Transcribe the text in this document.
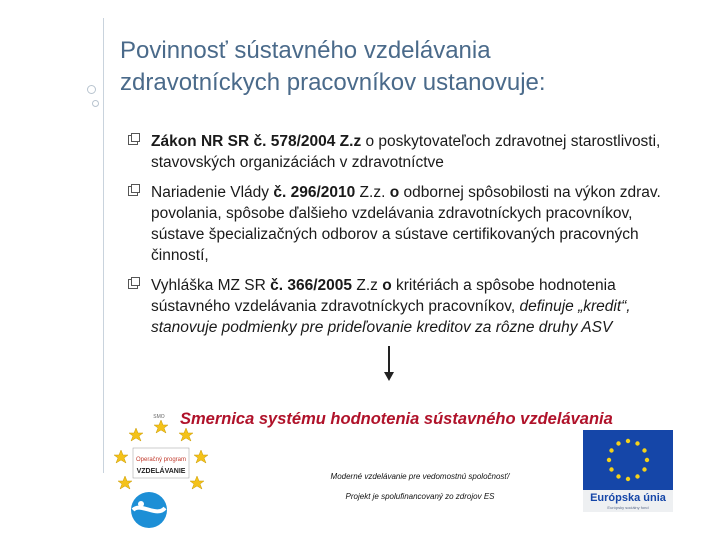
Povinnosť sústavného vzdelávania
zdravotníckych pracovníkov ustanovuje:
Zákon NR SR č. 578/2004 Z.z o poskytovateľoch zdravotnej starostlivosti, stavovských organizáciách v zdravotníctve
Nariadenie Vlády č. 296/2010 Z.z. o odbornej spôsobilosti na výkon zdrav. povolania, spôsobe ďalšieho vzdelávania zdravotníckych pracovníkov, sústave špecializačných odborov a sústave certifikovaných pracovných činností,
Vyhláška MZ SR č. 366/2005 Z.z o kritériách a spôsobe hodnotenia sústavného vzdelávania zdravotníckych pracovníkov, definuje „kredit“, stanovuje podmienky pre prideľovanie kreditov za rôzne druhy ASV
Smernica systému hodnotenia sústavného vzdelávania
Operačný program
VZDELÁVANIE
SMO
Moderné vzdelávanie pre vedomostnú spoločnosť/
Projekt je spolufinancovaný zo zdrojov ES	Európska únia
Európsky sociálny fond
